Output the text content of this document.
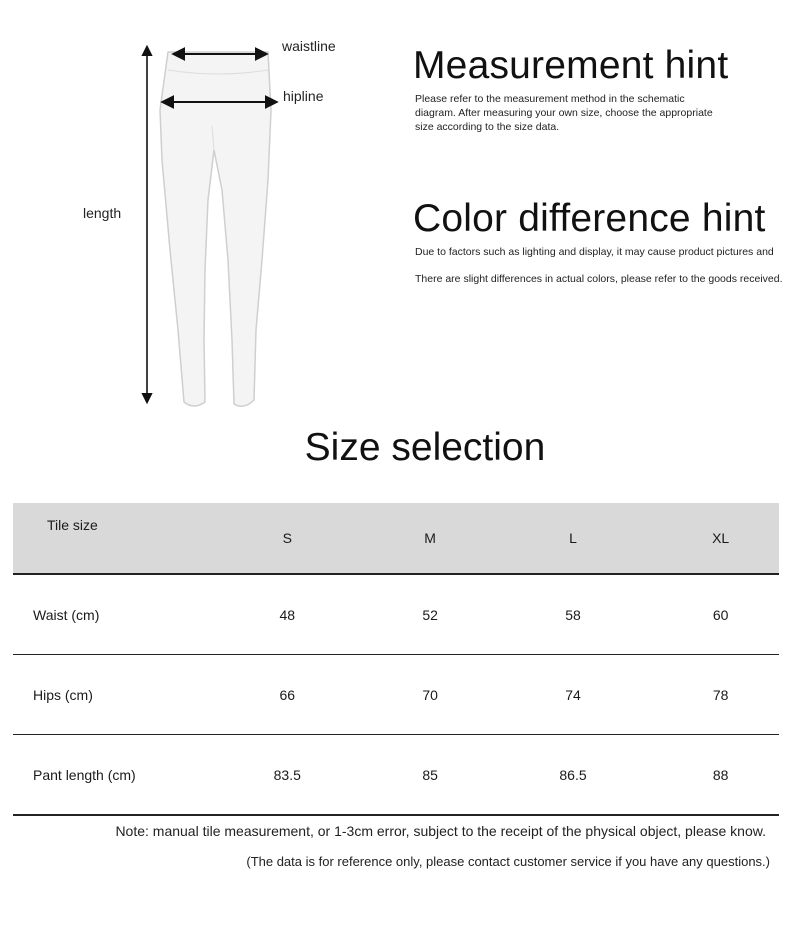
waistline
hipline
length
Measurement hint
Please refer to the measurement method in the schematic diagram. After measuring your own size, choose the appropriate size according to the size data.
Color difference hint
Due to factors such as lighting and display, it may cause product pictures and
There are slight differences in actual colors, please refer to the goods received.
Size selection
Tile size	S	M	L	XL
Waist (cm)	48	52	58	60
Hips (cm)	66	70	74	78
Pant length (cm)	83.5	85	86.5	88
Note: manual tile measurement, or 1-3cm error, subject to the receipt of the physical object, please know.
(The data is for reference only, please contact customer service if you have any questions.)
